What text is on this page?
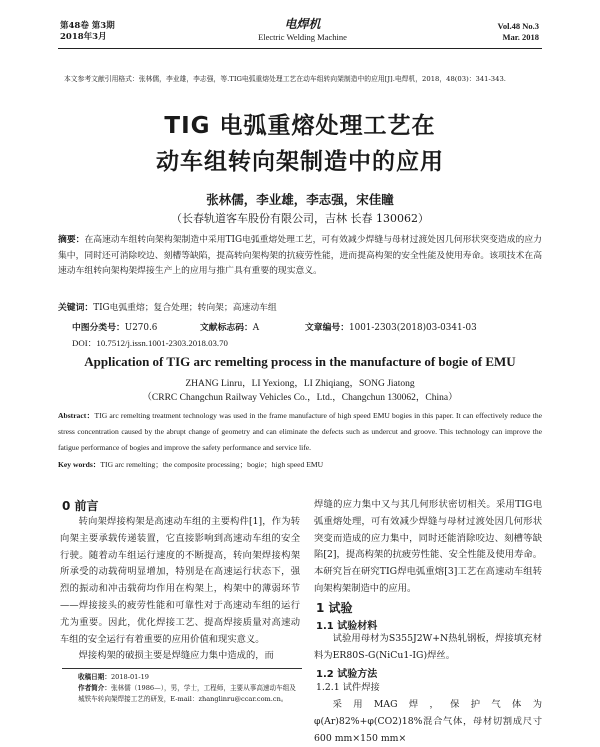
第48卷 第3期
2018年3月
电焊机
Electric Welding Machine
Vol.48 No.3
Mar. 2018
本文参考文献引用格式：张林儒，李业雄，李志强，等.TIG电弧重熔处理工艺在动车组转向架制造中的应用[J].电焊机，2018，48(03)：341-343.
TIG 电弧重熔处理工艺在
动车组转向架制造中的应用
张林儒，李业雄，李志强，宋佳瞳
（长春轨道客车股份有限公司，吉林 长春 130062）
摘要：在高速动车组转向架构架制造中采用TIG电弧重熔处理工艺，可有效减少焊缝与母材过渡处因几何形状突变造成的应力集中，同时还可消除咬边、刻槽等缺陷，提高转向架构架的抗疲劳性能，进而提高构架的安全性能及使用寿命。该项技术在高速动车组转向架构架焊接生产上的应用与推广具有重要的现实意义。
关键词：TIG电弧重熔；复合处理；转向架；高速动车组
中图分类号：U270.6	文献标志码：A	文章编号：1001-2303(2018)03-0341-03
DOI：10.7512/j.issn.1001-2303.2018.03.70
Application of TIG arc remelting process in the manufacture of bogie of EMU
ZHANG Linru，LI Yexiong，LI Zhiqiang，SONG Jiatong
（CRRC Changchun Railway Vehicles Co.，Ltd.，Changchun 130062，China）
Abstract：TIG arc remelting treatment technology was used in the frame manufacture of high speed EMU bogies in this paper. It can effectively reduce the stress concentration caused by the abrupt change of geometry and can eliminate the defects such as undercut and groove. This technology can improve the fatigue performance of bogies and improve the safety performance and service life.
Key words：TIG arc remelting；the composite processing；bogie；high speed EMU
0 前言
转向架焊接构架是高速动车组的主要构件[1]，作为转向架主要承载传递装置，它直接影响到高速动车组的安全行驶。随着动车组运行速度的不断提高，转向架焊接构架所承受的动载荷明显增加，特别是在高速运行状态下，强烈的振动和冲击载荷均作用在构架上，构架中的薄弱环节——焊接接头的疲劳性能和可靠性对于高速动车组的运行尤为重要。因此，优化焊接工艺、提高焊接质量对高速动车组的安全运行有着重要的应用价值和现实意义。
焊接构架的破损主要是焊缝应力集中造成的，而
收稿日期：2018-01-19
作者简介：张林儒（1986—），男，学士，工程师，主要从事高速动车组及城铁车转向架焊接工艺的研发，E-mail：zhanglinru@ccar.com.cn。
焊缝的应力集中又与其几何形状密切相关。采用TIG电弧重熔处理，可有效减少焊缝与母材过渡处因几何形状突变而造成的应力集中，同时还能消除咬边、刻槽等缺陷[2]，提高构架的抗疲劳性能、安全性能及使用寿命。本研究旨在研究TIG焊电弧重熔[3]工艺在高速动车组转向架构架制造中的应用。
1 试验
1.1 试验材料
试验用母材为S355J2W+N热轧钢板，焊接填充材料为ER80S-G(NiCu1-IG)焊丝。
1.2 试验方法
1.2.1 试件焊接
采用MAG焊，保护气体为φ(Ar)82%+φ(CO2)18%混合气体，母材切割成尺寸600 mm×150 mm×
